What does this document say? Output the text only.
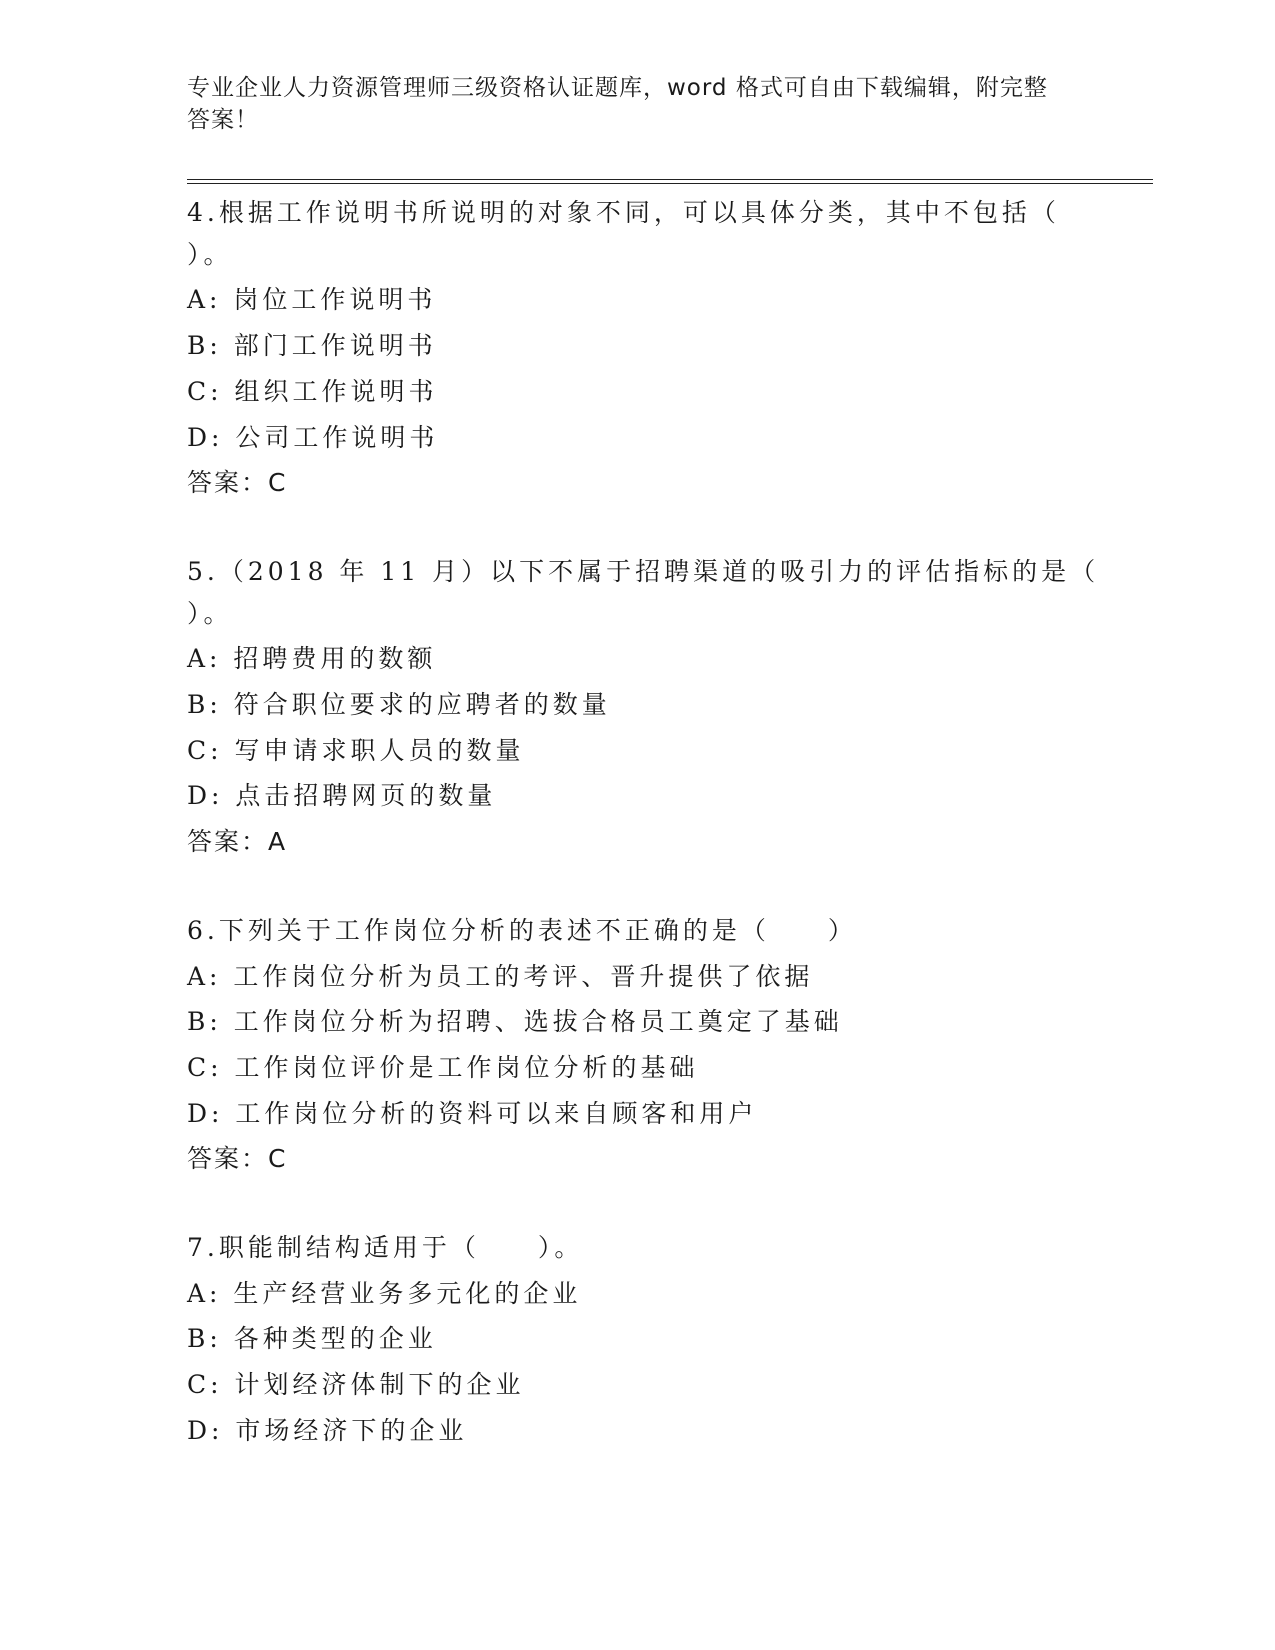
专业企业人力资源管理师三级资格认证题库，word 格式可自由下载编辑，附完整
答案！
4.根据工作说明书所说明的对象不同，可以具体分类，其中不包括（
）。
A: 岗位工作说明书
B: 部门工作说明书
C: 组织工作说明书
D: 公司工作说明书
答案：C
5.（2018 年 11 月）以下不属于招聘渠道的吸引力的评估指标的是（
）。
A: 招聘费用的数额
B: 符合职位要求的应聘者的数量
C: 写申请求职人员的数量
D: 点击招聘网页的数量
答案：A
6.下列关于工作岗位分析的表述不正确的是（　　）
A: 工作岗位分析为员工的考评、晋升提供了依据
B: 工作岗位分析为招聘、选拔合格员工奠定了基础
C: 工作岗位评价是工作岗位分析的基础
D: 工作岗位分析的资料可以来自顾客和用户
答案：C
7.职能制结构适用于（　　）。
A: 生产经营业务多元化的企业
B: 各种类型的企业
C: 计划经济体制下的企业
D: 市场经济下的企业
